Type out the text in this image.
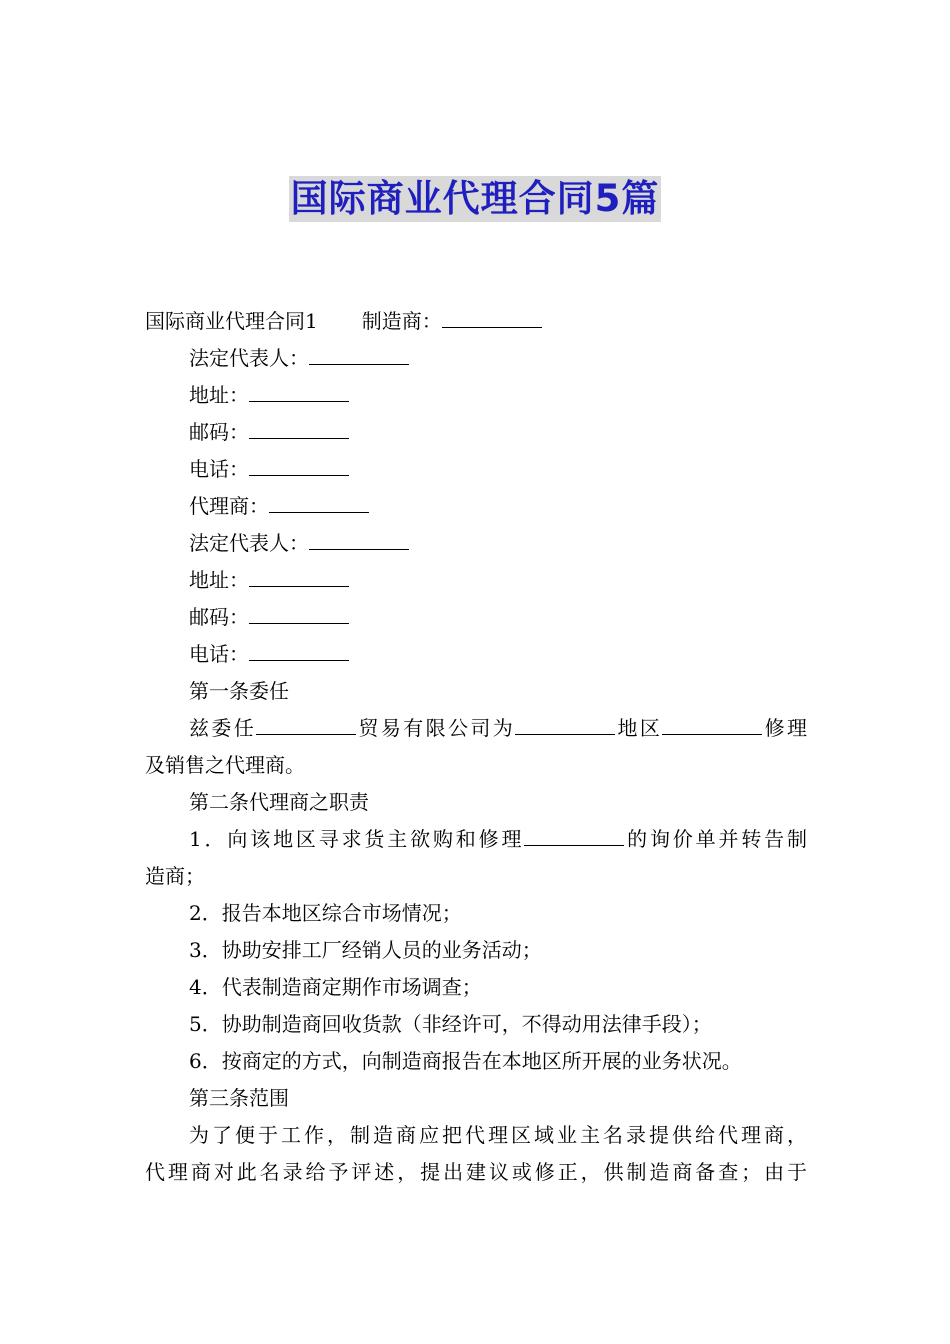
国际商业代理合同5篇
国际商业代理合同1 制造商：
法定代表人：
地址：
邮码：
电话：
代理商：
法定代表人：
地址：
邮码：
电话：
第一条委任
兹委任	贸易有限公司为	地区	修理
及销售之代理商。
第二条代理商之职责
1．向该地区寻求货主欲购和修理	的询价单并转告制
造商；
2．报告本地区综合市场情况；
3．协助安排工厂经销人员的业务活动；
4．代表制造商定期作市场调查；
5．协助制造商回收货款（非经许可，不得动用法律手段）；
6．按商定的方式，向制造商报告在本地区所开展的业务状况。
第三条范围
为了便于工作，制造商应把代理区域业主名录提供给代理商，
代理商对此名录给予评述，提出建议或修正，供制造商备查；由于
